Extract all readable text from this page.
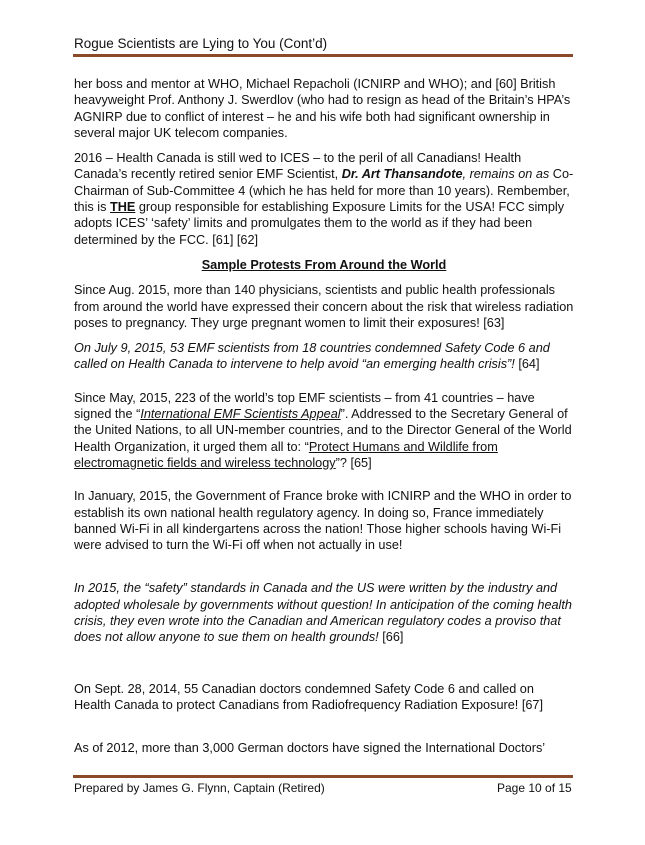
Rogue Scientists are Lying to You (Cont’d)

her boss and mentor at WHO, Michael Repacholi (ICNIRP and WHO); and [60] British heavyweight Prof. Anthony J. Swerdlov (who had to resign as head of the Britain’s HPA’s AGNIRP due to conflict of interest – he and his wife both had significant ownership in several major UK telecom companies.

2016 – Health Canada is still wed to ICES – to the peril of all Canadians! Health Canada’s recently retired senior EMF Scientist, Dr. Art Thansandote, remains on as Co-Chairman of Sub-Committee 4 (which he has held for more than 10 years). Rembember, this is THE group responsible for establishing Exposure Limits for the USA! FCC simply adopts ICES’ ‘safety’ limits and promulgates them to the world as if they had been determined by the FCC. [61] [62]

Sample Protests From Around the World

Since Aug. 2015, more than 140 physicians, scientists and public health professionals from around the world have expressed their concern about the risk that wireless radiation poses to pregnancy. They urge pregnant women to limit their exposures! [63]

On July 9, 2015, 53 EMF scientists from 18 countries condemned Safety Code 6 and called on Health Canada to intervene to help avoid “an emerging health crisis”! [64]

Since May, 2015, 223 of the world’s top EMF scientists – from 41 countries – have signed the “International EMF Scientists Appeal”. Addressed to the Secretary General of the United Nations, to all UN-member countries, and to the Director General of the World Health Organization, it urged them all to: “Protect Humans and Wildlife from electromagnetic fields and wireless technology”? [65]

In January, 2015, the Government of France broke with ICNIRP and the WHO in order to establish its own national health regulatory agency. In doing so, France immediately banned Wi-Fi in all kindergartens across the nation! Those higher schools having Wi-Fi were advised to turn the Wi-Fi off when not actually in use!

In 2015, the “safety” standards in Canada and the US were written by the industry and adopted wholesale by governments without question! In anticipation of the coming health crisis, they even wrote into the Canadian and American regulatory codes a proviso that does not allow anyone to sue them on health grounds! [66]

On Sept. 28, 2014, 55 Canadian doctors condemned Safety Code 6 and called on Health Canada to protect Canadians from Radiofrequency Radiation Exposure! [67]

As of 2012, more than 3,000 German doctors have signed the International Doctors’

Prepared by James G. Flynn, Captain (Retired)	Page 10 of 15
